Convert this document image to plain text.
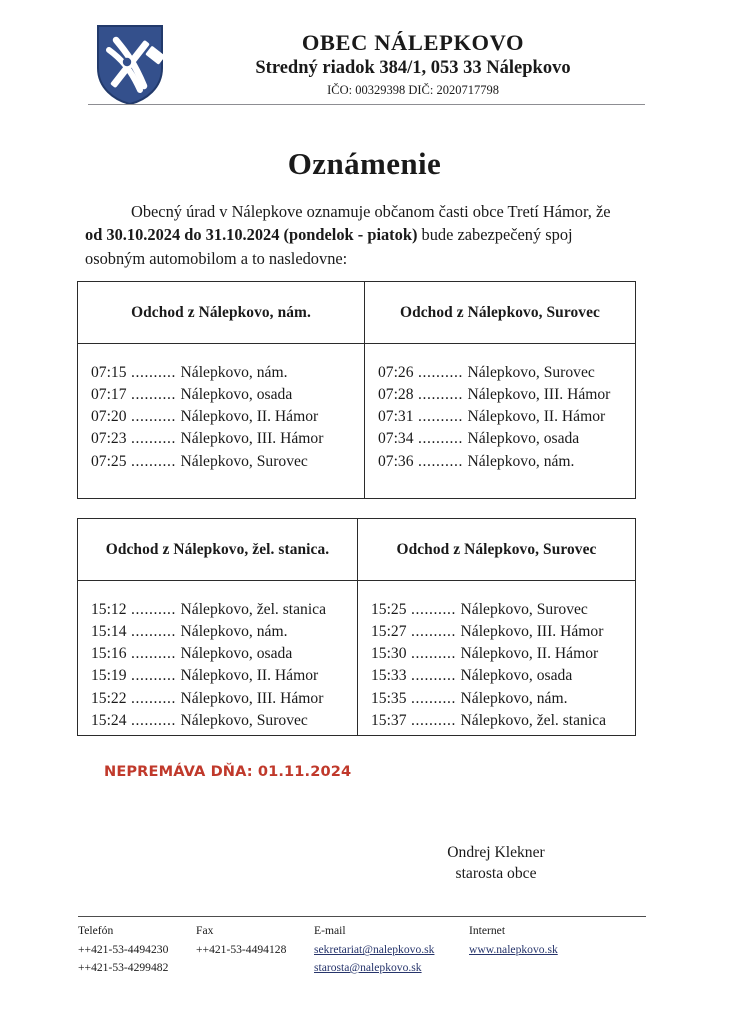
OBEC NÁLEPKOVO
Stredný riadok 384/1, 053 33 Nálepkovo
IČO: 00329398 DIČ: 2020717798
Oznámenie
Obecný úrad v Nálepkove oznamuje občanom časti obce Tretí Hámor, že od 30.10.2024 do 31.10.2024 (pondelok - piatok) bude zabezpečený spoj osobným automobilom a to nasledovne:
Odchod z Nálepkovo, nám.
07:15 .......... Nálepkovo, nám.
07:17 .......... Nálepkovo, osada
07:20 .......... Nálepkovo, II. Hámor
07:23 .......... Nálepkovo, III. Hámor
07:25 .......... Nálepkovo, Surovec
Odchod z Nálepkovo, Surovec
07:26 .......... Nálepkovo, Surovec
07:28 .......... Nálepkovo, III. Hámor
07:31 .......... Nálepkovo, II. Hámor
07:34 .......... Nálepkovo, osada
07:36 .......... Nálepkovo, nám.
Odchod z Nálepkovo, žel. stanica.
15:12 .......... Nálepkovo, žel. stanica
15:14 .......... Nálepkovo, nám.
15:16 .......... Nálepkovo, osada
15:19 .......... Nálepkovo, II. Hámor
15:22 .......... Nálepkovo, III. Hámor
15:24 .......... Nálepkovo, Surovec
Odchod z Nálepkovo, Surovec
15:25 .......... Nálepkovo, Surovec
15:27 .......... Nálepkovo, III. Hámor
15:30 .......... Nálepkovo, II. Hámor
15:33 .......... Nálepkovo, osada
15:35 .......... Nálepkovo, nám.
15:37 .......... Nálepkovo, žel. stanica
NEPREMÁVA DŇA: 01.11.2024
Ondrej Klekner
starosta obce
Telefón
++421-53-4494230
++421-53-4299482
Fax
++421-53-4494128
E-mail
sekretariat@nalepkovo.sk
starosta@nalepkovo.sk
Internet
www.nalepkovo.sk
